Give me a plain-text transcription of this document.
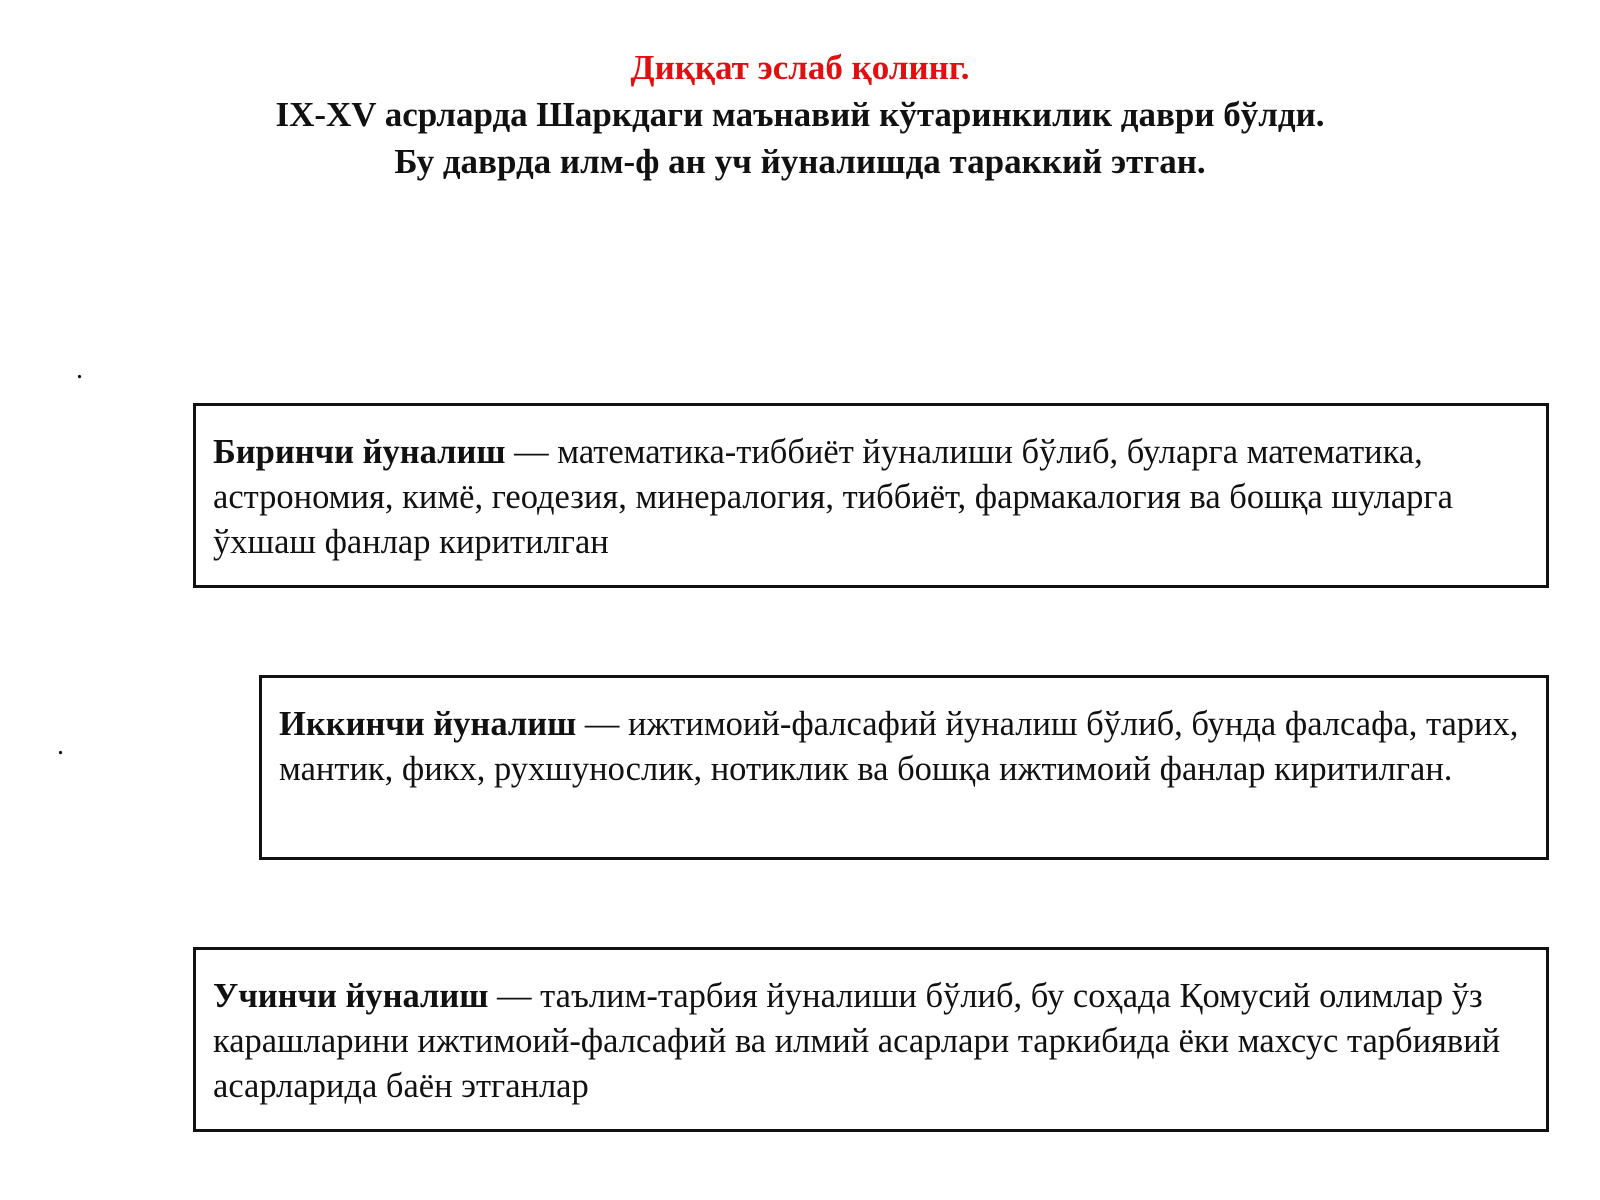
Диққат эслаб қолинг.
IX-XV асрларда Шаркдаги маънавий кўтаринкилик даври бўлди.
Бу даврда илм-ф ан уч йуналишда тараккий этган.
.
.
Биринчи йуналиш — математика-тиббиёт йуналиши бўлиб, буларга математика, астрономия, кимё, геодезия, минералогия, тиббиёт, фармакалогия ва бошқа шуларга ўхшаш фанлар киритилган
Иккинчи йуналиш — ижтимоий-фалсафий йуналиш бўлиб, бунда фалсафа, тарих, мантик, фикх, рухшунослик, нотиклик ва бошқа ижтимоий фанлар киритилган.
Учинчи йуналиш — таълим-тарбия йуналиши бўлиб, бу соҳада Қомусий олимлар ўз карашларини ижтимоий-фалсафий ва илмий асарлари таркибида ёки махсус тарбиявий асарларида баён этганлар
